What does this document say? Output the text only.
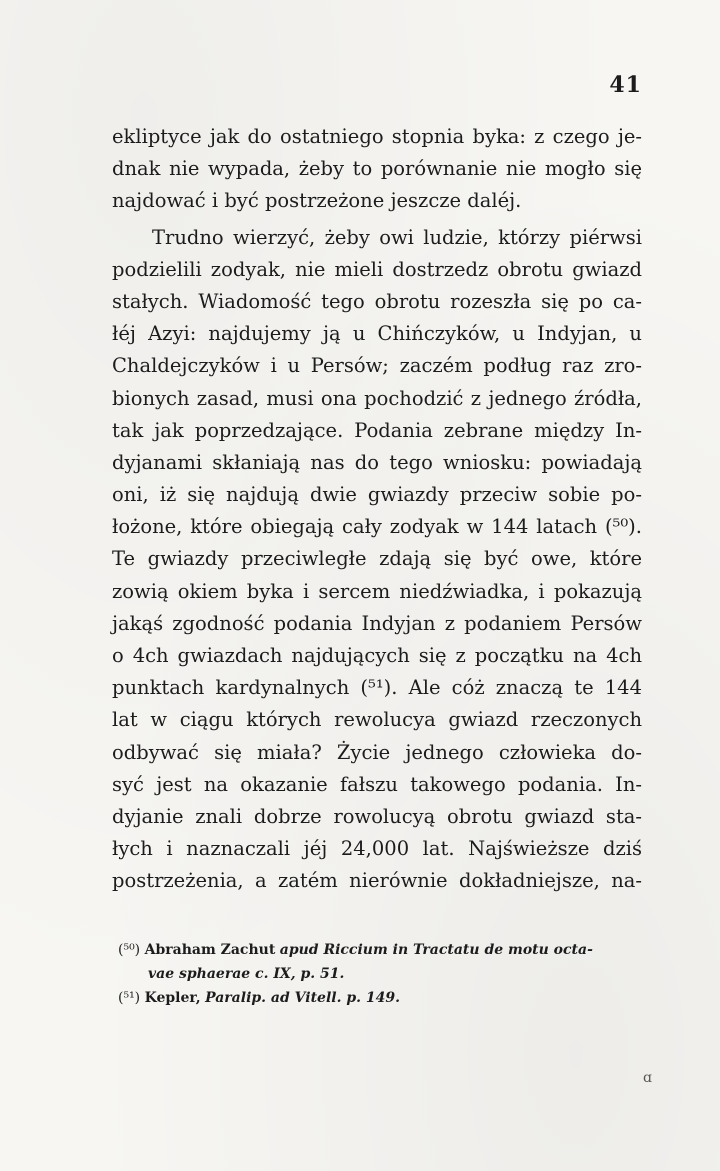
41
ekliptyce jak do ostatniego stopnia byka: z czego je-
dnak nie wypada, żeby to porównanie nie mogło się
najdować i być postrzeżone jeszcze daléj.
Trudno wierzyć, żeby owi ludzie, którzy piérwsi
podzielili zodyak, nie mieli dostrzedz obrotu gwiazd
stałych. Wiadomość tego obrotu rozeszła się po ca-
łéj Azyi: najdujemy ją u Chińczyków, u Indyjan, u
Chaldejczyków i u Persów; zaczém podług raz zro-
bionych zasad, musi ona pochodzić z jednego źródła,
tak jak poprzedzające. Podania zebrane między In-
dyjanami skłaniają nas do tego wniosku: powiadają
oni, iż się najdują dwie gwiazdy przeciw sobie po-
łożone, które obiegają cały zodyak w 144 latach (⁵⁰).
Te gwiazdy przeciwległe zdają się być owe, które
zowią okiem byka i sercem niedźwiadka, i pokazują
jakąś zgodność podania Indyjan z podaniem Persów
o 4ch gwiazdach najdujących się z początku na 4ch
punktach kardynalnych (⁵¹). Ale cóż znaczą te 144
lat w ciągu których rewolucya gwiazd rzeczonych
odbywać się miała? Życie jednego człowieka do-
syć jest na okazanie fałszu takowego podania. In-
dyjanie znali dobrze rowolucyą obrotu gwiazd sta-
łych i naznaczali jéj 24,000 lat. Najświeższe dziś
postrzeżenia, a zatém nierównie dokładniejsze, na-
(⁵⁰) Abraham Zachut apud Riccium in Tractatu de motu octa-
vae sphaerae c. IX, p. 51.
(⁵¹) Kepler, Paralip. ad Vitell. p. 149.
ɑ
